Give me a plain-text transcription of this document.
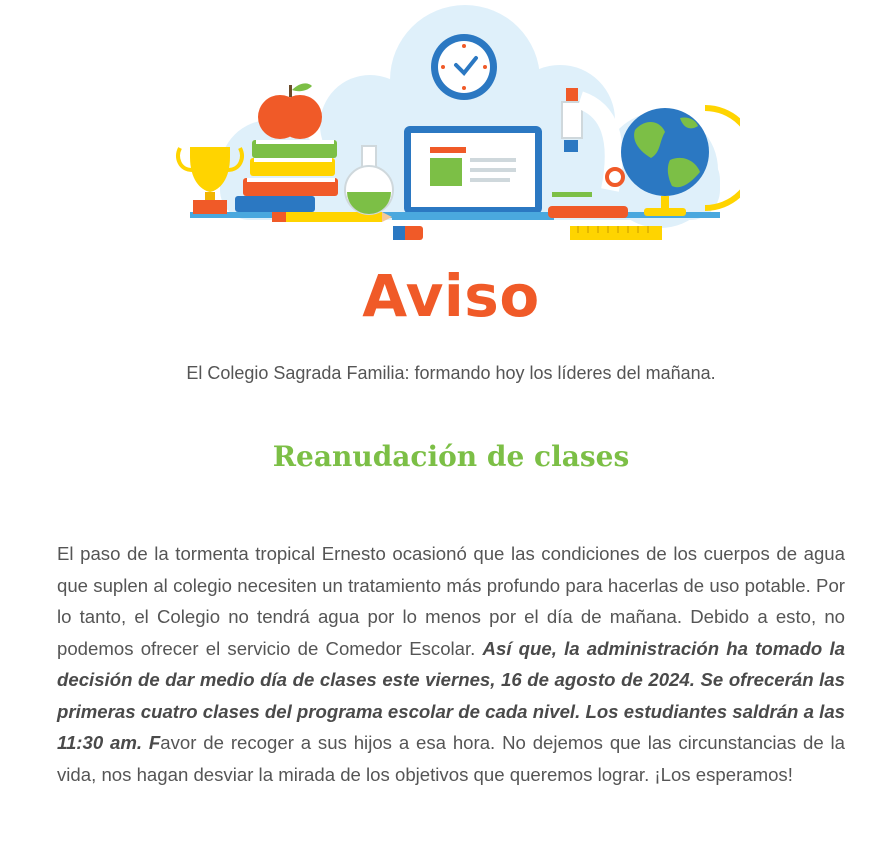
Aviso
El Colegio Sagrada Familia: formando hoy los líderes del mañana.
Reanudación de clases
El paso de la tormenta tropical Ernesto ocasionó que las condiciones de los cuerpos de agua que suplen al colegio necesiten un tratamiento más profundo para hacerlas de uso potable. Por lo tanto, el Colegio no tendrá agua por lo menos por el día de mañana. Debido a esto, no podemos ofrecer el servicio de Comedor Escolar. Así que, la administración ha tomado la decisión de dar medio día de clases este viernes, 16 de agosto de 2024. Se ofrecerán las primeras cuatro clases del programa escolar de cada nivel. Los estudiantes saldrán a las 11:30 am. Favor de recoger a sus hijos a esa hora. No dejemos que las circunstancias de la vida, nos hagan desviar la mirada de los objetivos que queremos lograr. ¡Los esperamos!
